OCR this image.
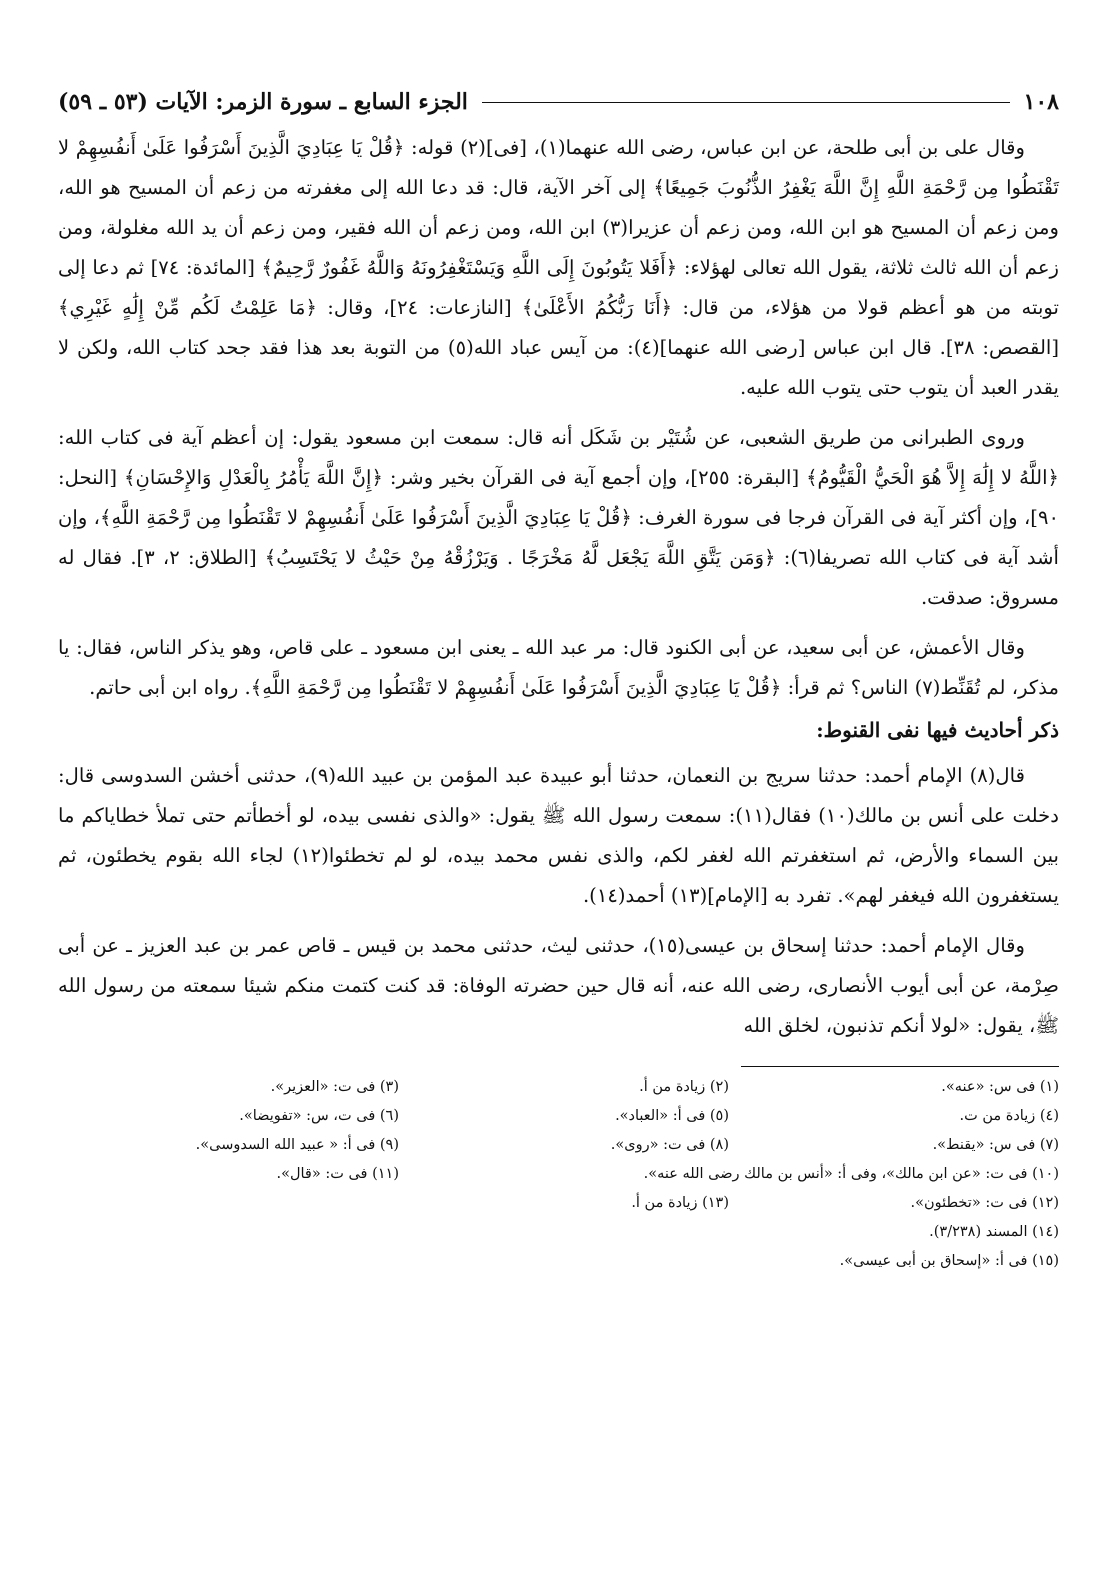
١٠٨
الجزء السابع ـ سورة الزمر: الآيات (٥٣ ـ ٥٩)

وقال على بن أبى طلحة، عن ابن عباس، رضى الله عنهما(١)، [فى](٢) قوله: ﴿قُلْ يَا عِبَادِيَ الَّذِينَ أَسْرَفُوا عَلَىٰ أَنفُسِهِمْ لا تَقْنَطُوا مِن رَّحْمَةِ اللَّهِ إِنَّ اللَّهَ يَغْفِرُ الذُّنُوبَ جَمِيعًا﴾ إلى آخر الآية، قال: قد دعا الله إلى مغفرته من زعم أن المسيح هو الله، ومن زعم أن المسيح هو ابن الله، ومن زعم أن عزيرا(٣) ابن الله، ومن زعم أن الله فقير، ومن زعم أن يد الله مغلولة، ومن زعم أن الله ثالث ثلاثة، يقول الله تعالى لهؤلاء: ﴿أَفَلا يَتُوبُونَ إِلَى اللَّهِ وَيَسْتَغْفِرُونَهُ وَاللَّهُ غَفُورٌ رَّحِيمٌ﴾ [المائدة: ٧٤] ثم دعا إلى توبته من هو أعظم قولا من هؤلاء، من قال: ﴿أَنَا رَبُّكُمُ الأَعْلَىٰ﴾ [النازعات: ٢٤]، وقال: ﴿مَا عَلِمْتُ لَكُم مِّنْ إِلَٰهٍ غَيْرِي﴾ [القصص: ٣٨]. قال ابن عباس [رضى الله عنهما](٤): من آيس عباد الله(٥) من التوبة بعد هذا فقد جحد كتاب الله، ولكن لا يقدر العبد أن يتوب حتى يتوب الله عليه.

وروى الطبرانى من طريق الشعبى، عن شُتَيْر بن شَكَل أنه قال: سمعت ابن مسعود يقول: إن أعظم آية فى كتاب الله: ﴿اللَّهُ لا إِلَٰهَ إِلاَّ هُوَ الْحَيُّ الْقَيُّومُ﴾ [البقرة: ٢٥٥]، وإن أجمع آية فى القرآن بخير وشر: ﴿إِنَّ اللَّهَ يَأْمُرُ بِالْعَدْلِ وَالإِحْسَانِ﴾ [النحل: ٩٠]، وإن أكثر آية فى القرآن فرجا فى سورة الغرف: ﴿قُلْ يَا عِبَادِيَ الَّذِينَ أَسْرَفُوا عَلَىٰ أَنفُسِهِمْ لا تَقْنَطُوا مِن رَّحْمَةِ اللَّهِ﴾، وإن أشد آية فى كتاب الله تصريفا(٦): ﴿وَمَن يَتَّقِ اللَّهَ يَجْعَل لَّهُ مَخْرَجًا . وَيَرْزُقْهُ مِنْ حَيْثُ لا يَحْتَسِبُ﴾ [الطلاق: ٢، ٣]. فقال له مسروق: صدقت.

وقال الأعمش، عن أبى سعيد، عن أبى الكنود قال: مر عبد الله ـ يعنى ابن مسعود ـ على قاص، وهو يذكر الناس، فقال: يا مذكر، لم تُقَنِّط(٧) الناس؟ ثم قرأ: ﴿قُلْ يَا عِبَادِيَ الَّذِينَ أَسْرَفُوا عَلَىٰ أَنفُسِهِمْ لا تَقْنَطُوا مِن رَّحْمَةِ اللَّهِ﴾. رواه ابن أبى حاتم.

ذكر أحاديث فيها نفى القنوط:

قال(٨) الإمام أحمد: حدثنا سريج بن النعمان، حدثنا أبو عبيدة عبد المؤمن بن عبيد الله(٩)، حدثنى أخشن السدوسى قال: دخلت على أنس بن مالك(١٠) فقال(١١): سمعت رسول الله ﷺ يقول: «والذى نفسى بيده، لو أخطأتم حتى تملأ خطاياكم ما بين السماء والأرض، ثم استغفرتم الله لغفر لكم، والذى نفس محمد بيده، لو لم تخطئوا(١٢) لجاء الله بقوم يخطئون، ثم يستغفرون الله فيغفر لهم». تفرد به [الإمام](١٣) أحمد(١٤).

وقال الإمام أحمد: حدثنا إسحاق بن عيسى(١٥)، حدثنى ليث، حدثنى محمد بن قيس ـ قاص عمر بن عبد العزيز ـ عن أبى صِرْمة، عن أبى أيوب الأنصارى، رضى الله عنه، أنه قال حين حضرته الوفاة: قد كنت كتمت منكم شيئا سمعته من رسول الله ﷺ، يقول: «لولا أنكم تذنبون، لخلق الله

(١) فى س: «عنه».
(٢) زيادة من أ.
(٣) فى ت: «العزير».
(٤) زيادة من ت.
(٥) فى أ: «العباد».
(٦) فى ت، س: «تفويضا».
(٧) فى س: «يقنط».
(٨) فى ت: «روى».
(٩) فى أ: « عبيد الله السدوسى».
(١٠) فى ت: «عن ابن مالك»، وفى أ: «أنس بن مالك رضى الله عنه».
(١١) فى ت: «قال».
(١٢) فى ت: «تخطئون».
(١٣) زيادة من أ.
(١٤) المسند (٣/٢٣٨).
(١٥) فى أ: «إسحاق بن أبى عيسى».
